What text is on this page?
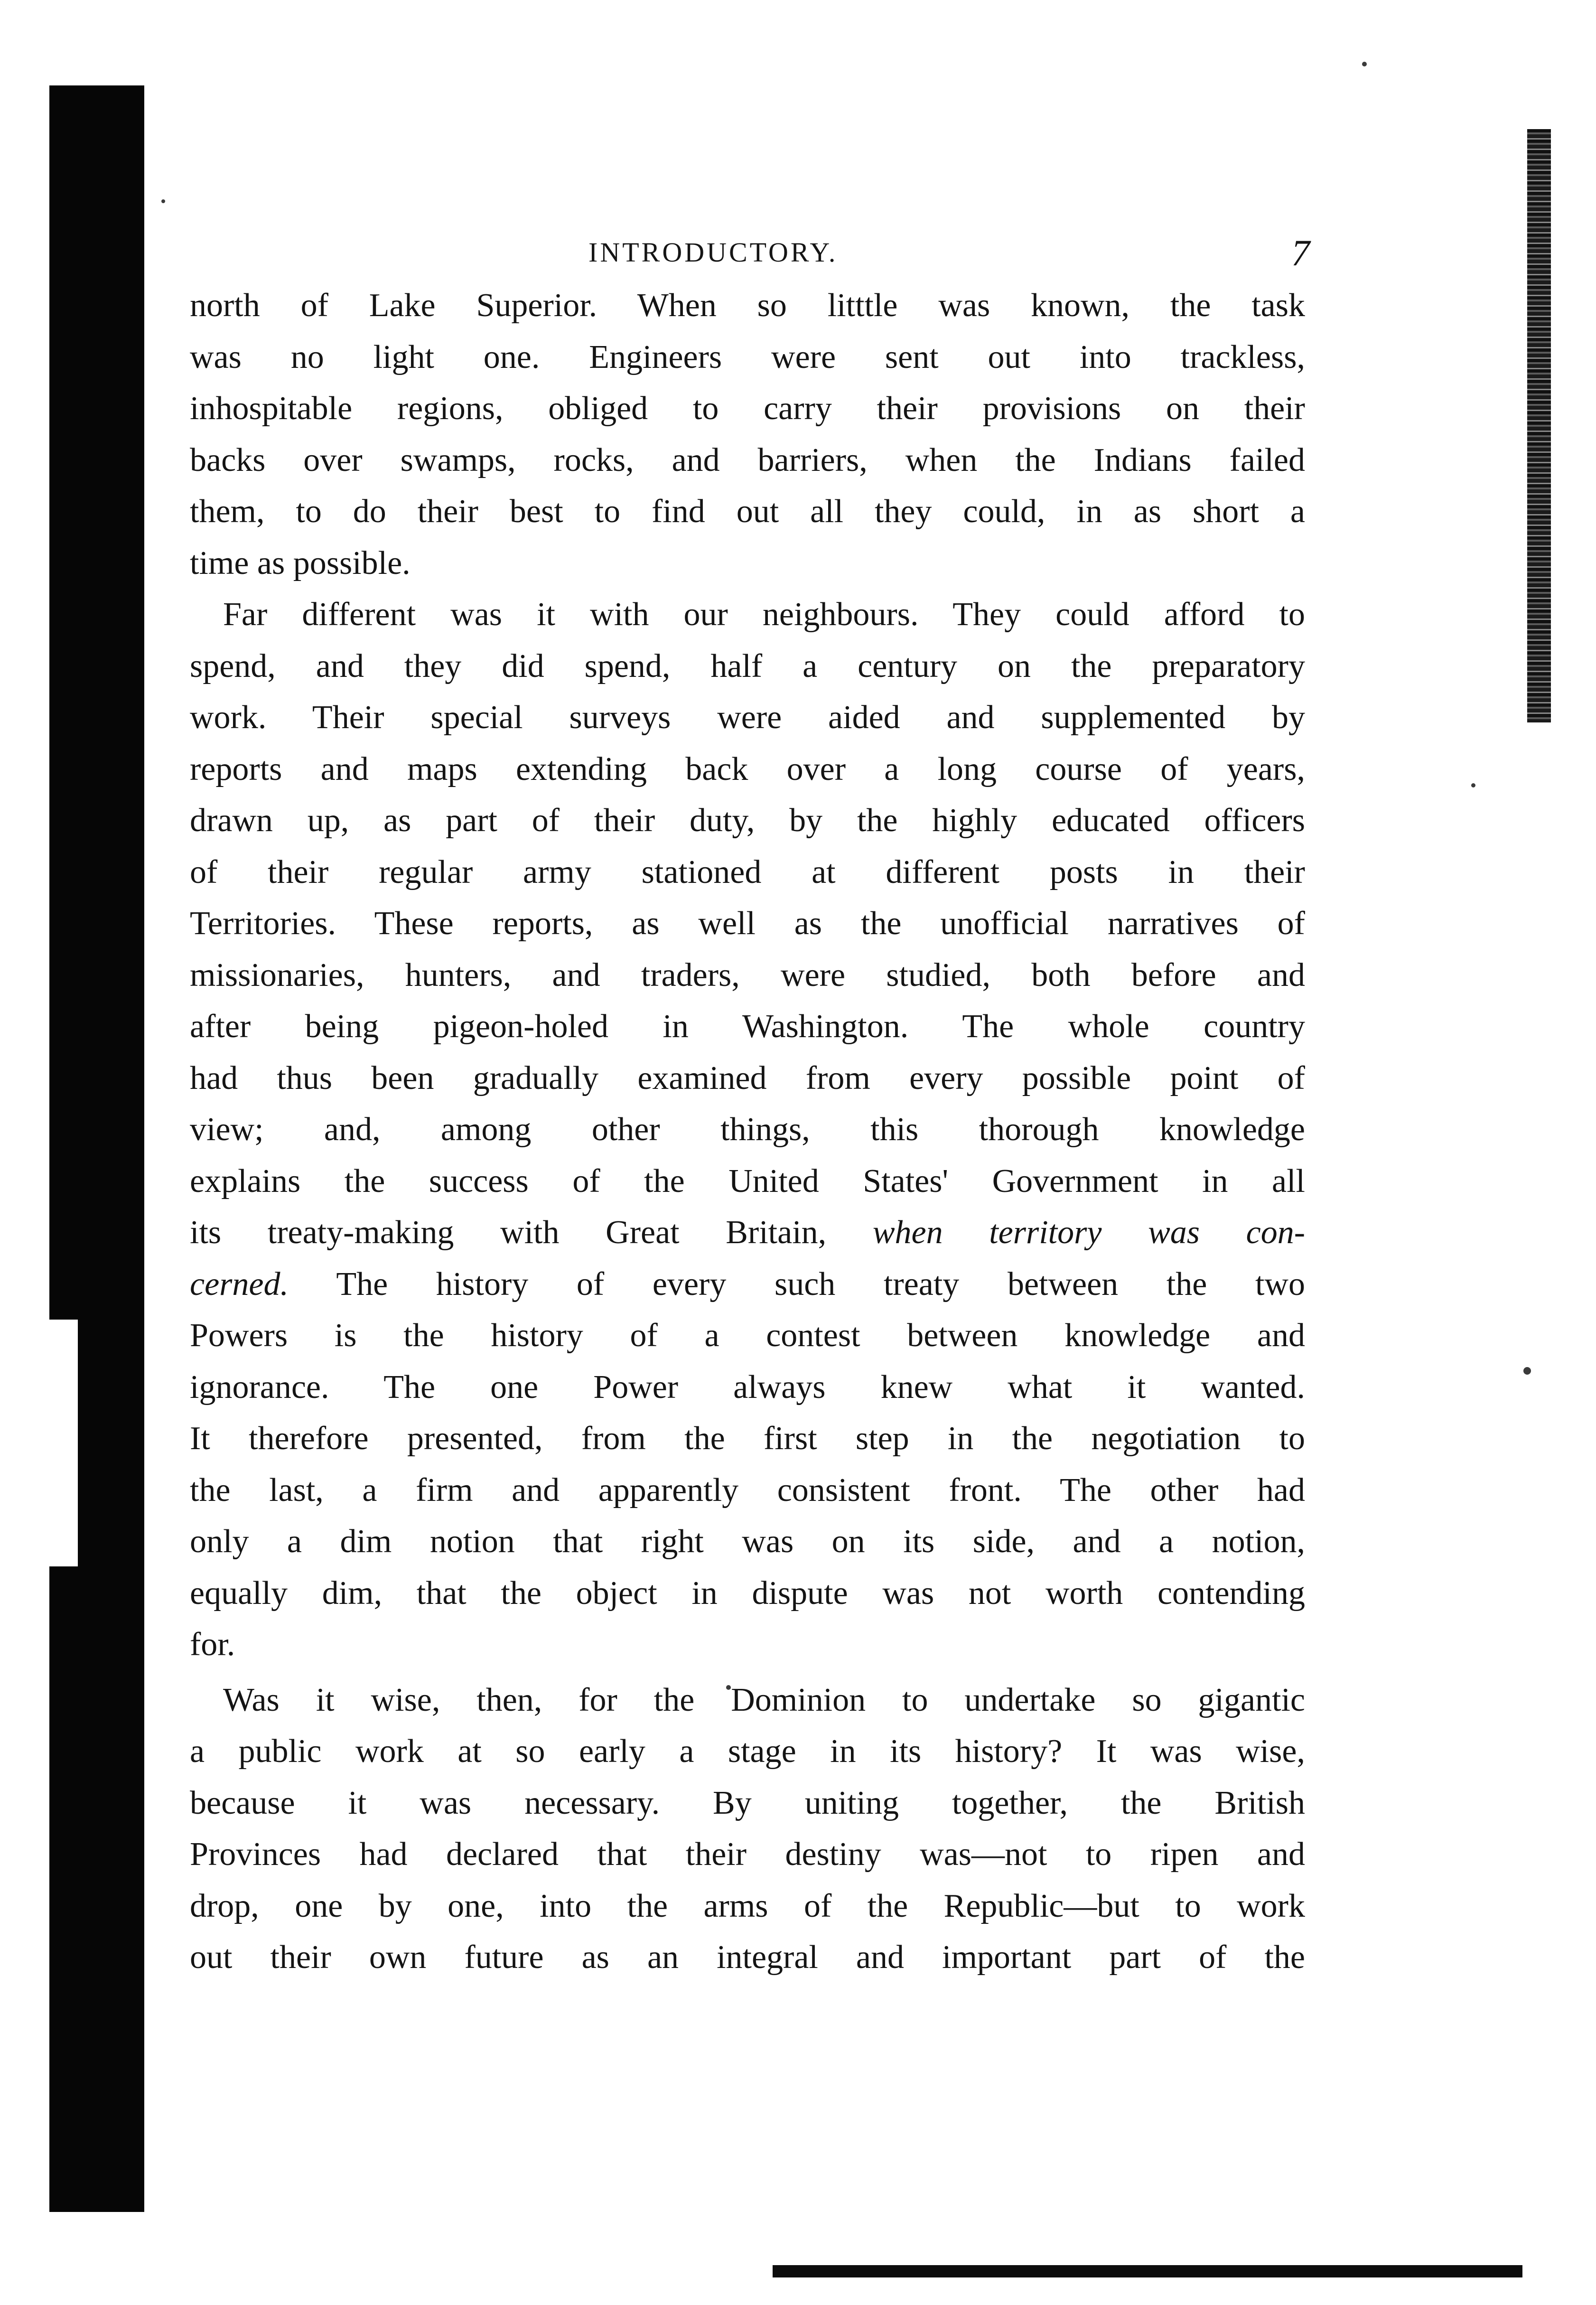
INTRODUCTORY.	7

north of Lake Superior. When so litttle was known, the task

was no light one. Engineers were sent out into trackless,

inhospitable regions, obliged to carry their provisions on their

backs over swamps, rocks, and barriers, when the Indians failed

them, to do their best to find out all they could, in as short a

time as possible.

Far different was it with our neighbours. They could afford to

spend, and they did spend, half a century on the preparatory

work. Their special surveys were aided and supplemented by

reports and maps extending back over a long course of years,

drawn up, as part of their duty, by the highly educated officers

of their regular army stationed at different posts in their

Territories. These reports, as well as the unofficial narratives of

missionaries, hunters, and traders, were studied, both before and

after being pigeon-holed in Washington. The whole country

had thus been gradually examined from every possible point of

view; and, among other things, this thorough knowledge

explains the success of the United States' Government in all

its treaty-making with Great Britain, when territory was con-

cerned. The history of every such treaty between the two

Powers is the history of a contest between knowledge and

ignorance. The one Power always knew what it wanted.

It therefore presented, from the first step in the negotiation to

the last, a firm and apparently consistent front. The other had

only a dim notion that right was on its side, and a notion,

equally dim, that the object in dispute was not worth contending

for.

Was it wise, then, for the Dominion to undertake so gigantic

a public work at so early a stage in its history? It was wise,

because it was necessary. By uniting together, the British

Provinces had declared that their destiny was—not to ripen and

drop, one by one, into the arms of the Republic—but to work

out their own future as an integral and important part of the
